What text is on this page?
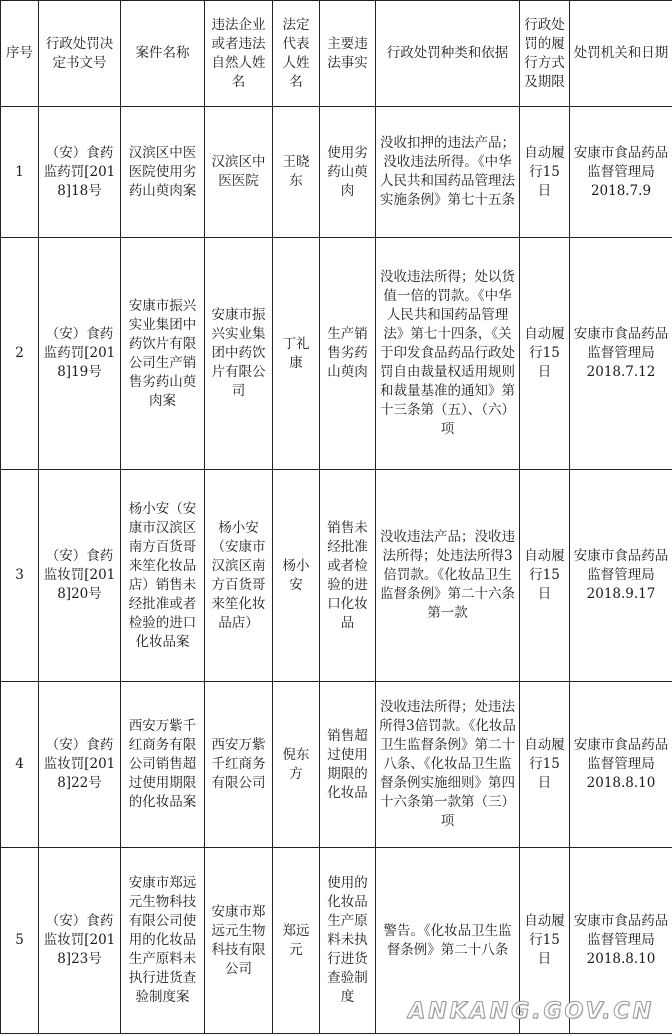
序号	行政处罚决定书文号	案件名称	违法企业或者违法自然人姓名	法定代表人姓名	主要违法事实	行政处罚种类和依据	行政处罚的履行方式及期限	处罚机关和日期
1	（安）食药监药罚[2018]18号	汉滨区中医医院使用劣药山萸肉案	汉滨区中医医院	王晓东	使用劣药山萸肉	没收扣押的违法产品；没收违法所得。《中华人民共和国药品管理法实施条例》第七十五条	自动履行15日	安康市食品药品监督管理局
2018.7.9

2	（安）食药监药罚[2018]19号	安康市振兴实业集团中药饮片有限公司生产销售劣药山萸肉案	安康市振兴实业集团中药饮片有限公司	丁礼康	生产销售劣药山萸肉	没收违法所得；处以货值一倍的罚款。《中华人民共和国药品管理法》第七十四条，《关于印发食品药品行政处罚自由裁量权适用规则和裁量基准的通知》第十三条第（五）、（六）项	自动履行15日	安康市食品药品监督管理局
2018.7.12

3	（安）食药监妆罚[2018]20号	杨小安（安康市汉滨区南方百货哥来笙化妆品店）销售未经批准或者检验的进口化妆品案	杨小安（安康市汉滨区南方百货哥来笙化妆品店）	杨小安	销售未经批准或者检验的进口化妆品	没收违法产品；没收违法所得；处违法所得3倍罚款。《化妆品卫生监督条例》第二十六条第一款	自动履行15日	安康市食品药品监督管理局
2018.9.17

4	（安）食药监妆罚[2018]22号	西安万紫千红商务有限公司销售超过使用期限的化妆品案	西安万紫千红商务有限公司	倪东方	销售超过使用期限的化妆品	没收违法所得；处违法所得3倍罚款。《化妆品卫生监督条例》第二十八条、《化妆品卫生监督条例实施细则》第四十六条第一款第（三）项	自动履行15日	安康市食品药品监督管理局
2018.8.10

5	（安）食药监妆罚[2018]23号	安康市郑远元生物科技有限公司使用的化妆品生产原料未执行进货查验制度案	安康市郑远元生物科技有限公司	郑远元	使用的化妆品生产原料未执行进货查验制度	警告。《化妆品卫生监督条例》第二十八条	自动履行15日	安康市食品药品监督管理局
2018.8.10
ANKANG.GOV.CN
